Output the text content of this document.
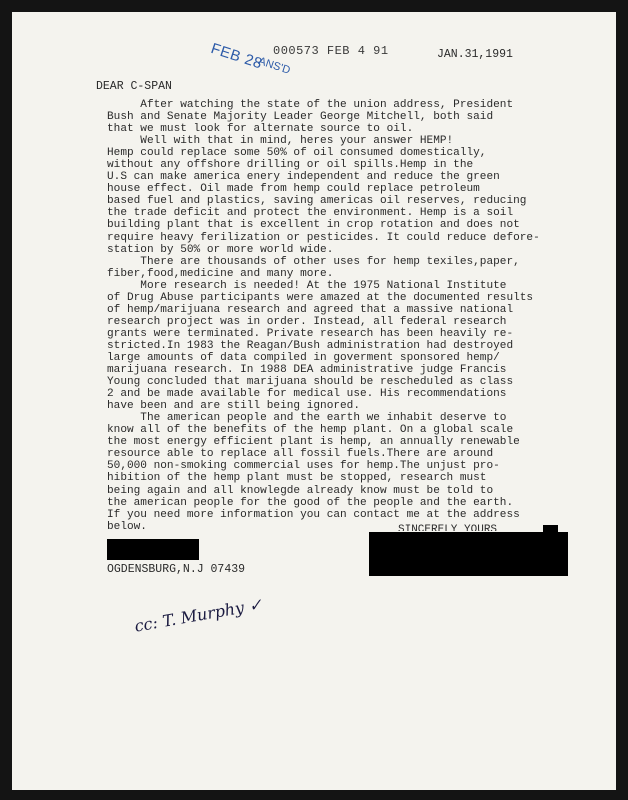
FEB 28
ANS'D
000573 FEB 4 91	JAN.31,1991
DEAR C-SPAN
After watching the state of the union address, President
Bush and Senate Majority Leader George Mitchell, both said
that we must look for alternate source to oil.
Well with that in mind, heres your answer HEMP!
Hemp could replace some 50% of oil consumed domestically,
without any offshore drilling or oil spills.Hemp in the
U.S can make america enery independent and reduce the green
house effect. Oil made from hemp could replace petroleum
based fuel and plastics, saving americas oil reserves, reducing
the trade deficit and protect the environment. Hemp is a soil
building plant that is excellent in crop rotation and does not
require heavy ferilization or pesticides. It could reduce defore-
station by 50% or more world wide.
There are thousands of other uses for hemp texiles,paper,
fiber,food,medicine and many more.
More research is needed! At the 1975 National Institute
of Drug Abuse participants were amazed at the documented results
of hemp/marijuana research and agreed that a massive national
research project was in order. Instead, all federal research
grants were terminated. Private research has been heavily re-
stricted.In 1983 the Reagan/Bush administration had destroyed
large amounts of data compiled in goverment sponsored hemp/
marijuana research. In 1988 DEA administrative judge Francis
Young concluded that marijuana should be rescheduled as class
2 and be made available for medical use. His recommendations
have been and are still being ignored.
The american people and the earth we inhabit deserve to
know all of the benefits of the hemp plant. On a global scale
the most energy efficient plant is hemp, an annually renewable
resource able to replace all fossil fuels.There are around
50,000 non-smoking commercial uses for hemp.The unjust pro-
hibition of the hemp plant must be stopped, research must
being again and all knowlegde already know must be told to
the american people for the good of the people and the earth.
If you need more information you can contact me at the address
below.	SINCERELY YOURS
OGDENSBURG,N.J 07439
cc: T. Murphy ✓
